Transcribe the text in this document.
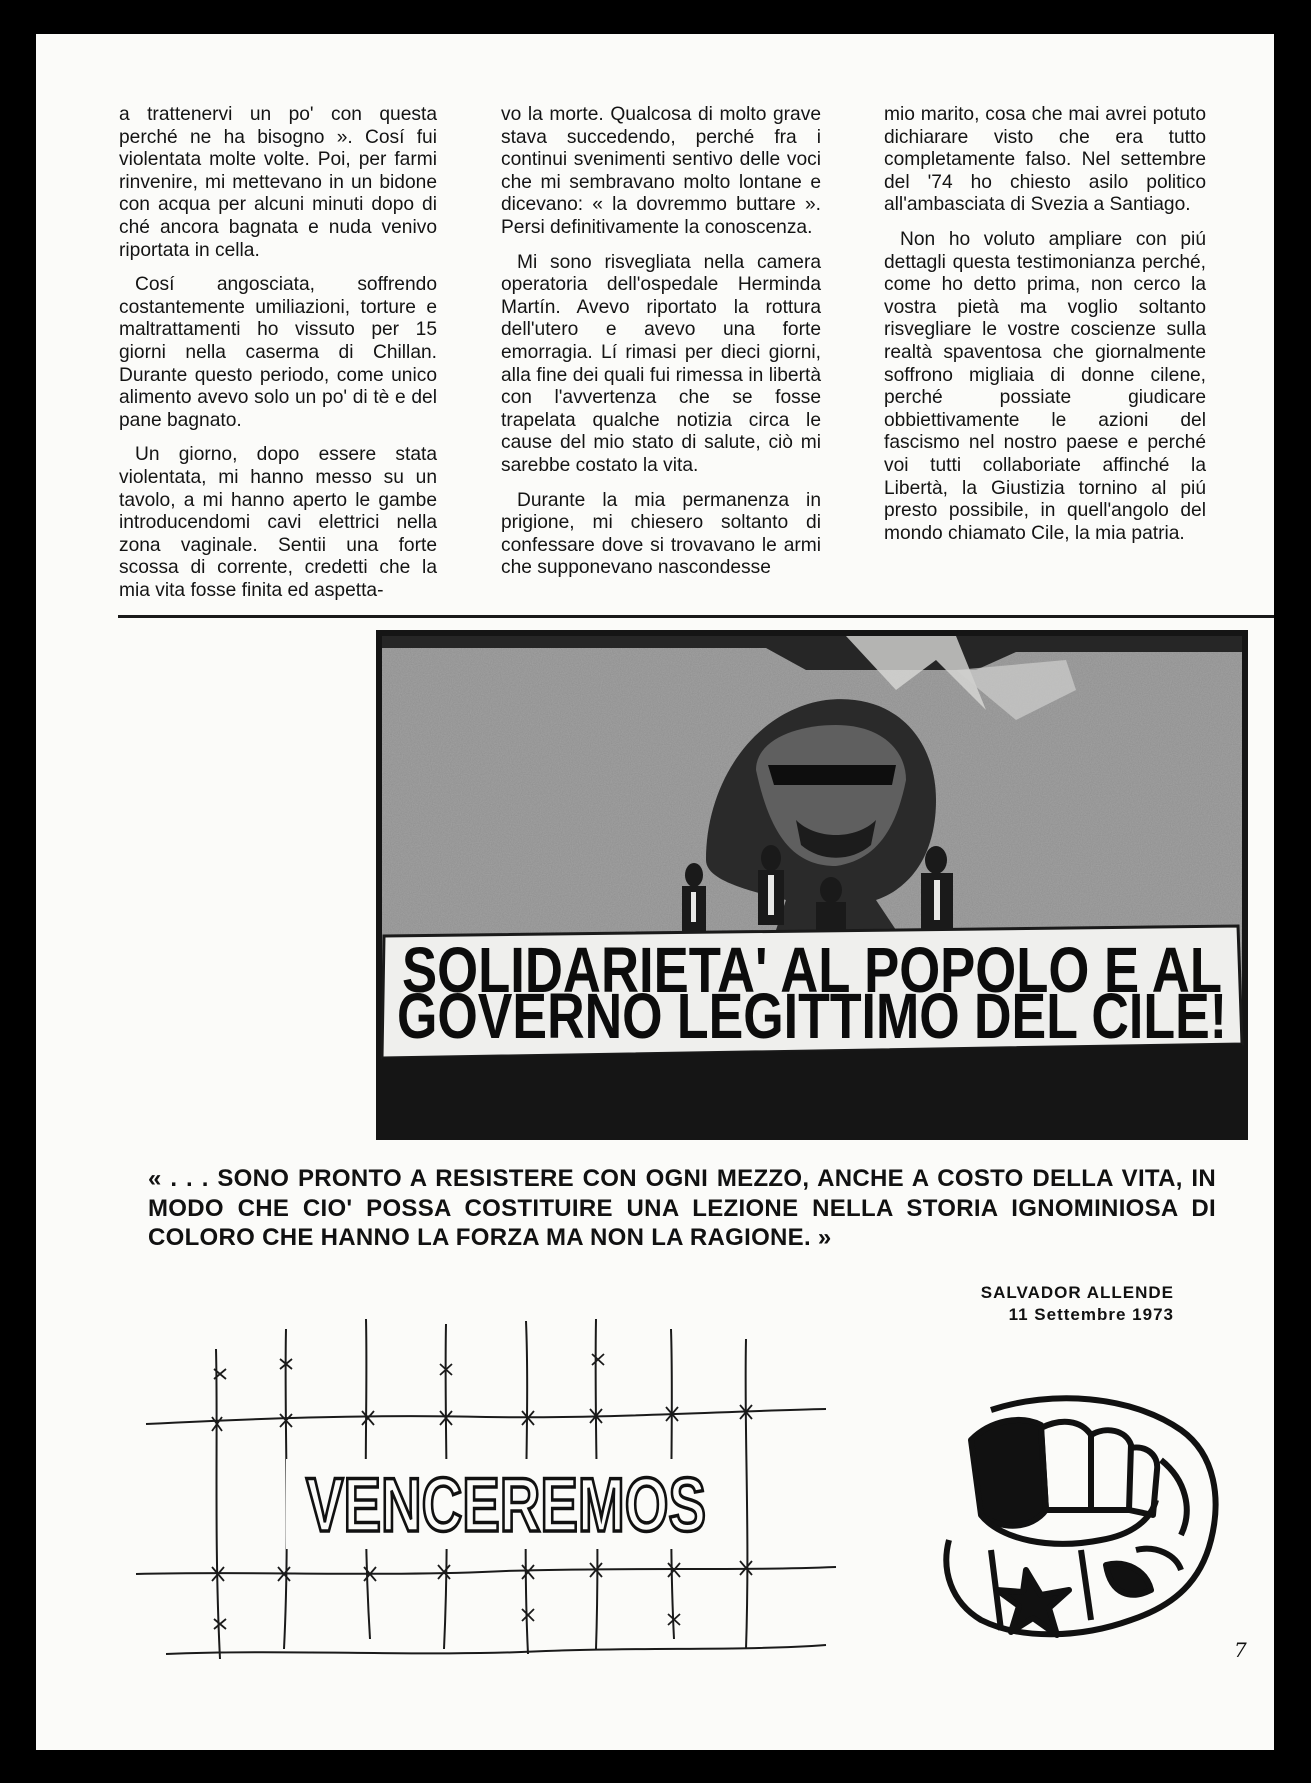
a trattenervi un po' con questa perché ne ha bisogno ». Cosí fui violentata molte volte. Poi, per farmi rinvenire, mi mettevano in un bidone con acqua per alcuni minuti dopo di ché ancora bagnata e nuda venivo riportata in cella.

Cosí angosciata, soffrendo costantemente umiliazioni, torture e maltrattamenti ho vissuto per 15 giorni nella caserma di Chillan. Durante questo periodo, come unico alimento avevo solo un po' di tè e del pane bagnato.

Un giorno, dopo essere stata violentata, mi hanno messo su un tavolo, a mi hanno aperto le gambe introducendomi cavi elettrici nella zona vaginale. Sentii una forte scossa di corrente, credetti che la mia vita fosse finita ed aspetta-

vo la morte. Qualcosa di molto grave stava succedendo, perché fra i continui svenimenti sentivo delle voci che mi sembravano molto lontane e dicevano: « la dovremmo buttare ». Persi definitivamente la conoscenza.

Mi sono risvegliata nella camera operatoria dell'ospedale Herminda Martín. Avevo riportato la rottura dell'utero e avevo una forte emorragia. Lí rimasi per dieci giorni, alla fine dei quali fui rimessa in libertà con l'avvertenza che se fosse trapelata qualche notizia circa le cause del mio stato di salute, ciò mi sarebbe costato la vita.

Durante la mia permanenza in prigione, mi chiesero soltanto di confessare dove si trovavano le armi che supponevano nascondesse

mio marito, cosa che mai avrei potuto dichiarare visto che era tutto completamente falso. Nel settembre del '74 ho chiesto asilo politico all'ambasciata di Svezia a Santiago.

Non ho voluto ampliare con piú dettagli questa testimonianza perché, come ho detto prima, non cerco la vostra pietà ma voglio soltanto risvegliare le vostre coscienze sulla realtà spaventosa che giornalmente soffrono migliaia di donne cilene, perché possiate giudicare obbiettivamente le azioni del fascismo nel nostro paese e perché voi tutti collaboriate affinché la Libertà, la Giustizia tornino al piú presto possibile, in quell'angolo del mondo chiamato Cile, la mia patria.

SOLIDARIETA' AL POPOLO E AL
GOVERNO LEGITTIMO DEL CILE!
« . . . SONO PRONTO A RESISTERE CON OGNI MEZZO, ANCHE A COSTO DELLA VITA, IN MODO CHE CIO' POSSA COSTITUIRE UNA LEZIONE NELLA STORIA IGNOMINIOSA DI COLORO CHE HANNO LA FORZA MA NON LA RAGIONE. »
SALVADOR ALLENDE
11 Settembre 1973
VENCEREMOS
7
